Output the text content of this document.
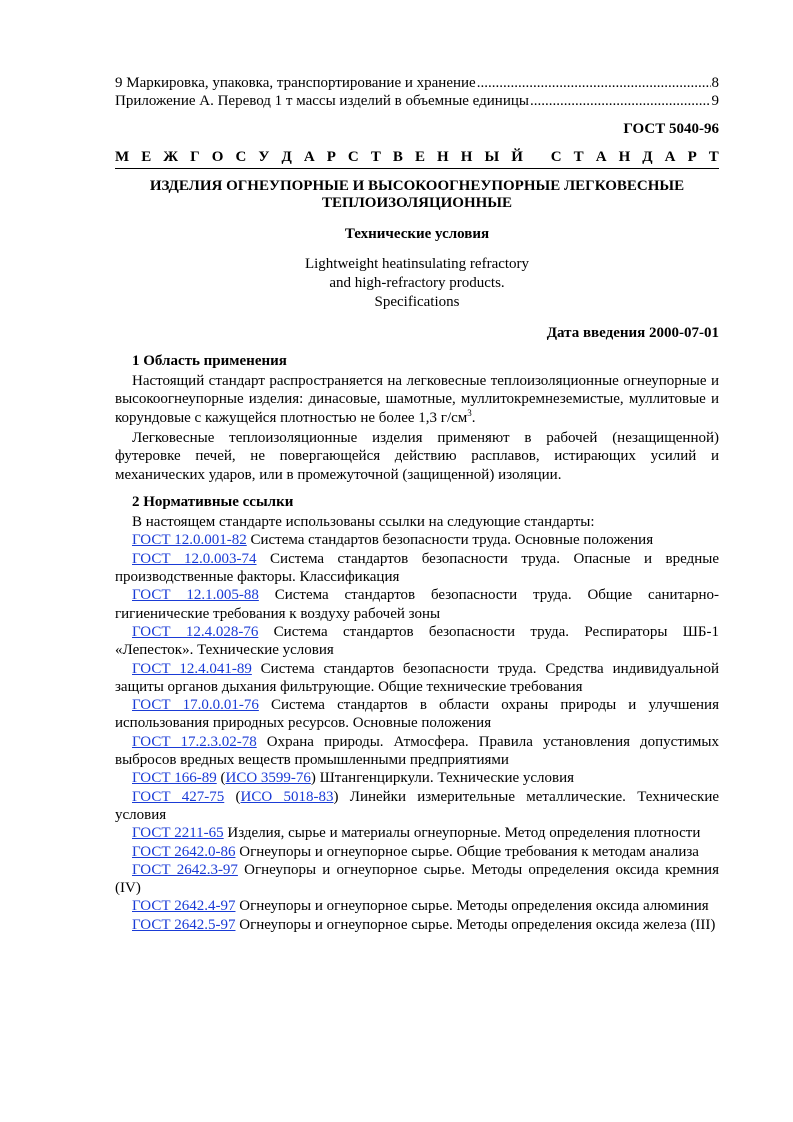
9 Маркировка, упаковка, транспортирование и хранение .....	8
Приложение А. Перевод 1 т массы изделий в объемные единицы .....	9
ГОСТ 5040-96
М Е Ж Г О С У Д А Р С Т В Е Н Н Ы Й
С Т А Н Д А Р Т
ИЗДЕЛИЯ ОГНЕУПОРНЫЕ И ВЫСОКООГНЕУПОРНЫЕ ЛЕГКОВЕСНЫЕ
ТЕПЛОИЗОЛЯЦИОННЫЕ
Технические условия
Lightweight heatinsulating refractory
and high-refractory products.
Specifications
Дата введения 2000-07-01
1 Область применения

Настоящий стандарт распространяется на легковесные теплоизоляционные огнеупорные и высокоогнеупорные изделия: динасовые, шамотные, муллитокремнеземистые, муллитовые и корундовые с кажущейся плотностью не более 1,3 $г/см^3$.

Легковесные теплоизоляционные изделия применяют в рабочей (незащищенной) футеровке печей, не повергающейся действию расплавов, истирающих усилий и механических ударов, или в промежуточной (защищенной) изоляции.

2 Нормативные ссылки

В настоящем стандарте использованы ссылки на следующие стандарты:

ГОСТ 12.0.001-82 Система стандартов безопасности труда. Основные положения

ГОСТ 12.0.003-74 Система стандартов безопасности труда. Опасные и вредные производственные факторы. Классификация

ГОСТ 12.1.005-88 Система стандартов безопасности труда. Общие санитарно-гигиенические требования к воздуху рабочей зоны

ГОСТ 12.4.028-76 Система стандартов безопасности труда. Респираторы ШБ-1 «Лепесток». Технические условия

ГОСТ 12.4.041-89 Система стандартов безопасности труда. Средства индивидуальной защиты органов дыхания фильтрующие. Общие технические требования

ГОСТ 17.0.0.01-76 Система стандартов в области охраны природы и улучшения использования природных ресурсов. Основные положения

ГОСТ 17.2.3.02-78 Охрана природы. Атмосфера. Правила установления допустимых выбросов вредных веществ промышленными предприятиями

ГОСТ 166-89 (ИСО 3599-76) Штангенциркули. Технические условия

ГОСТ 427-75 (ИСО 5018-83) Линейки измерительные металлические. Технические условия

ГОСТ 2211-65 Изделия, сырье и материалы огнеупорные. Метод определения плотности

ГОСТ 2642.0-86 Огнеупоры и огнеупорное сырье. Общие требования к методам анализа

ГОСТ 2642.3-97 Огнеупоры и огнеупорное сырье. Методы определения оксида кремния (IV)

ГОСТ 2642.4-97 Огнеупоры и огнеупорное сырье. Методы определения оксида алюминия

ГОСТ 2642.5-97 Огнеупоры и огнеупорное сырье. Методы определения оксида железа (III)
